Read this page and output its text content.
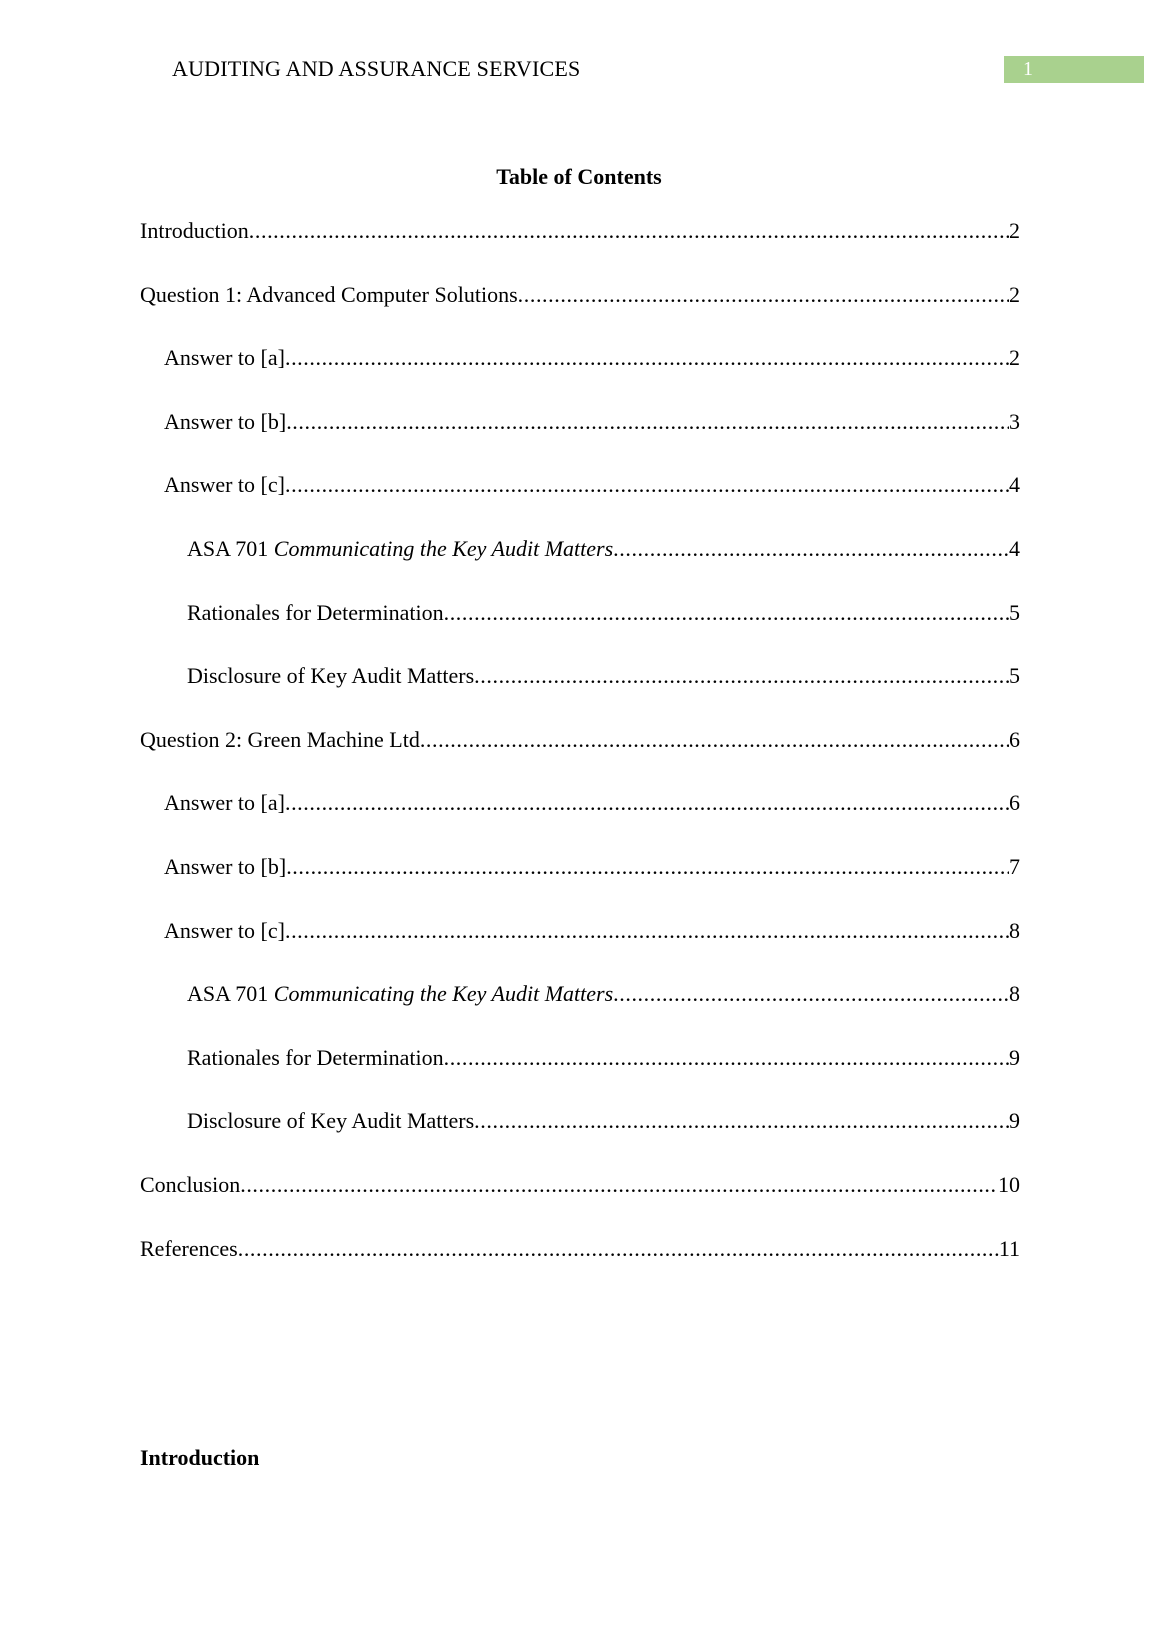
AUDITING AND ASSURANCE SERVICES	1
Table of Contents
Introduction .....	2
Question 1: Advanced Computer Solutions .....	2
Answer to [a] .....	2
Answer to [b] .....	3
Answer to [c] .....	4
ASA 701 Communicating the Key Audit Matters .....	4
Rationales for Determination .....	5
Disclosure of Key Audit Matters .....	5
Question 2: Green Machine Ltd .....	6
Answer to [a] .....	6
Answer to [b] .....	7
Answer to [c] .....	8
ASA 701 Communicating the Key Audit Matters .....	8
Rationales for Determination .....	9
Disclosure of Key Audit Matters .....	9
Conclusion .....	10
References .....	11
Introduction
